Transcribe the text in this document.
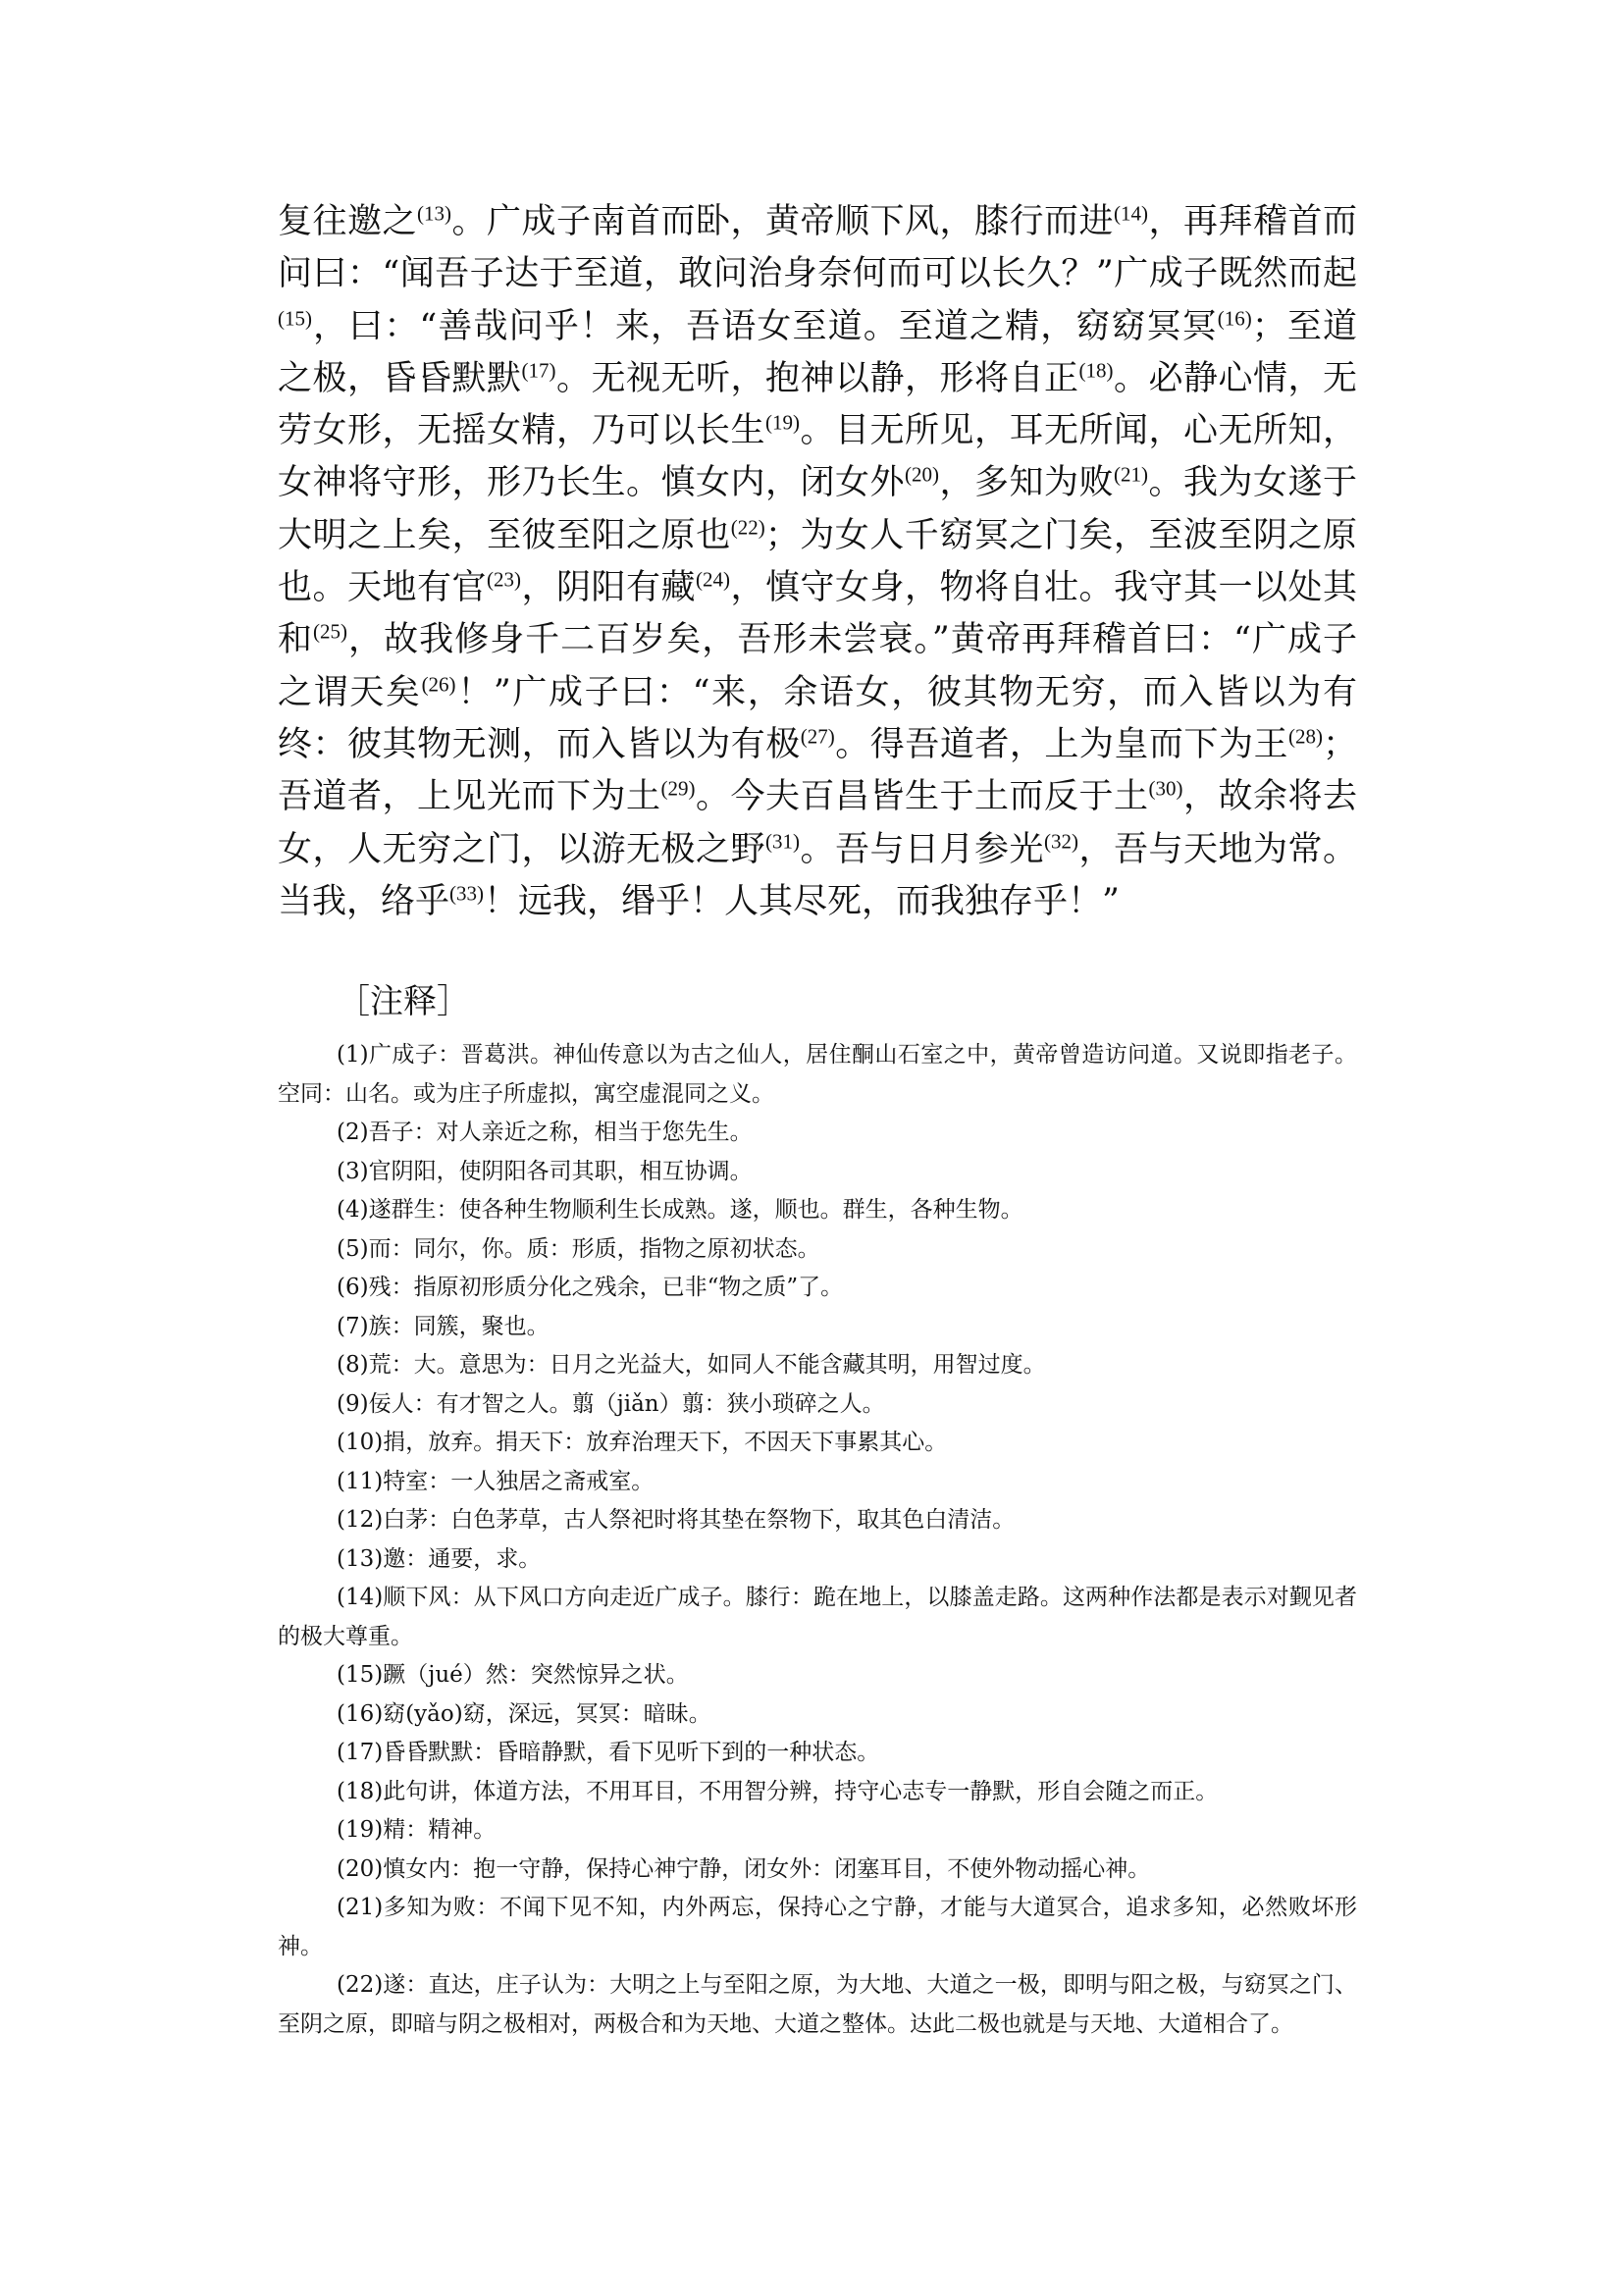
复往邀之$^{(13)}$。广成子南首而卧，黄帝顺下风，膝行而进$^{(14)}$，再拜稽首而问曰：“闻吾子达于至道，敢问治身奈何而可以长久？”广成子既然而起$^{(15)}$，曰：“善哉问乎！来，吾语女至道。至道之精，窈窈冥冥$^{(16)}$；至道之极，昏昏默默$^{(17)}$。无视无听，抱神以静，形将自正$^{(18)}$。必静心情，无劳女形，无摇女精，乃可以长生$^{(19)}$。目无所见，耳无所闻，心无所知，女神将守形，形乃长生。慎女内，闭女外$^{(20)}$，多知为败$^{(21)}$。我为女遂于大明之上矣，至彼至阳之原也$^{(22)}$；为女人千窈冥之门矣，至波至阴之原也。天地有官$^{(23)}$，阴阳有藏$^{(24)}$，慎守女身，物将自壮。我守其一以处其和$^{(25)}$，故我修身千二百岁矣，吾形未尝衰。”黄帝再拜稽首曰：“广成子之谓天矣$^{(26)}$！”广成子曰：“来，余语女，彼其物无穷，而入皆以为有终：彼其物无测，而入皆以为有极$^{(27)}$。得吾道者，上为皇而下为王$^{(28)}$；吾道者，上见光而下为土$^{(29)}$。今夫百昌皆生于土而反于土$^{(30)}$，故余将去女，人无穷之门，以游无极之野$^{(31)}$。吾与日月参光$^{(32)}$，吾与天地为常。当我，络乎$^{(33)}$！远我，缗乎！人其尽死，而我独存乎！”

［注释］

(1)广成子：晋葛洪。神仙传意以为古之仙人，居住酮山石室之中，黄帝曾造访问道。又说即指老子。空同：山名。或为庄子所虚拟，寓空虚混同之义。

(2)吾子：对人亲近之称，相当于您先生。

(3)官阴阳，使阴阳各司其职，相互协调。

(4)遂群生：使各种生物顺利生长成熟。遂，顺也。群生，各种生物。

(5)而：同尔，你。质：形质，指物之原初状态。

(6)残：指原初形质分化之残余，已非“物之质”了。

(7)族：同簇，聚也。

(8)荒：大。意思为：日月之光益大，如同人不能含藏其明，用智过度。

(9)佞人：有才智之人。翦（jiǎn）翦：狭小琐碎之人。

(10)捐，放弃。捐天下：放弃治理天下，不因天下事累其心。

(11)特室：一人独居之斋戒室。

(12)白茅：白色茅草，古人祭祀时将其垫在祭物下，取其色白清洁。

(13)邀：通要，求。

(14)顺下风：从下风口方向走近广成子。膝行：跪在地上，以膝盖走路。这两种作法都是表示对觐见者的极大尊重。

(15)蹶（jué）然：突然惊异之状。

(16)窈(yǎo)窈，深远，冥冥：暗昧。

(17)昏昏默默：昏暗静默，看下见听下到的一种状态。

(18)此句讲，体道方法，不用耳目，不用智分辨，持守心志专一静默，形自会随之而正。

(19)精：精神。

(20)慎女内：抱一守静，保持心神宁静，闭女外：闭塞耳目，不使外物动摇心神。

(21)多知为败：不闻下见不知，内外两忘，保持心之宁静，才能与大道冥合，追求多知，必然败坏形神。

(22)遂：直达，庄子认为：大明之上与至阳之原，为大地、大道之一极，即明与阳之极，与窈冥之门、至阴之原，即暗与阴之极相对，两极合和为天地、大道之整体。达此二极也就是与天地、大道相合了。
